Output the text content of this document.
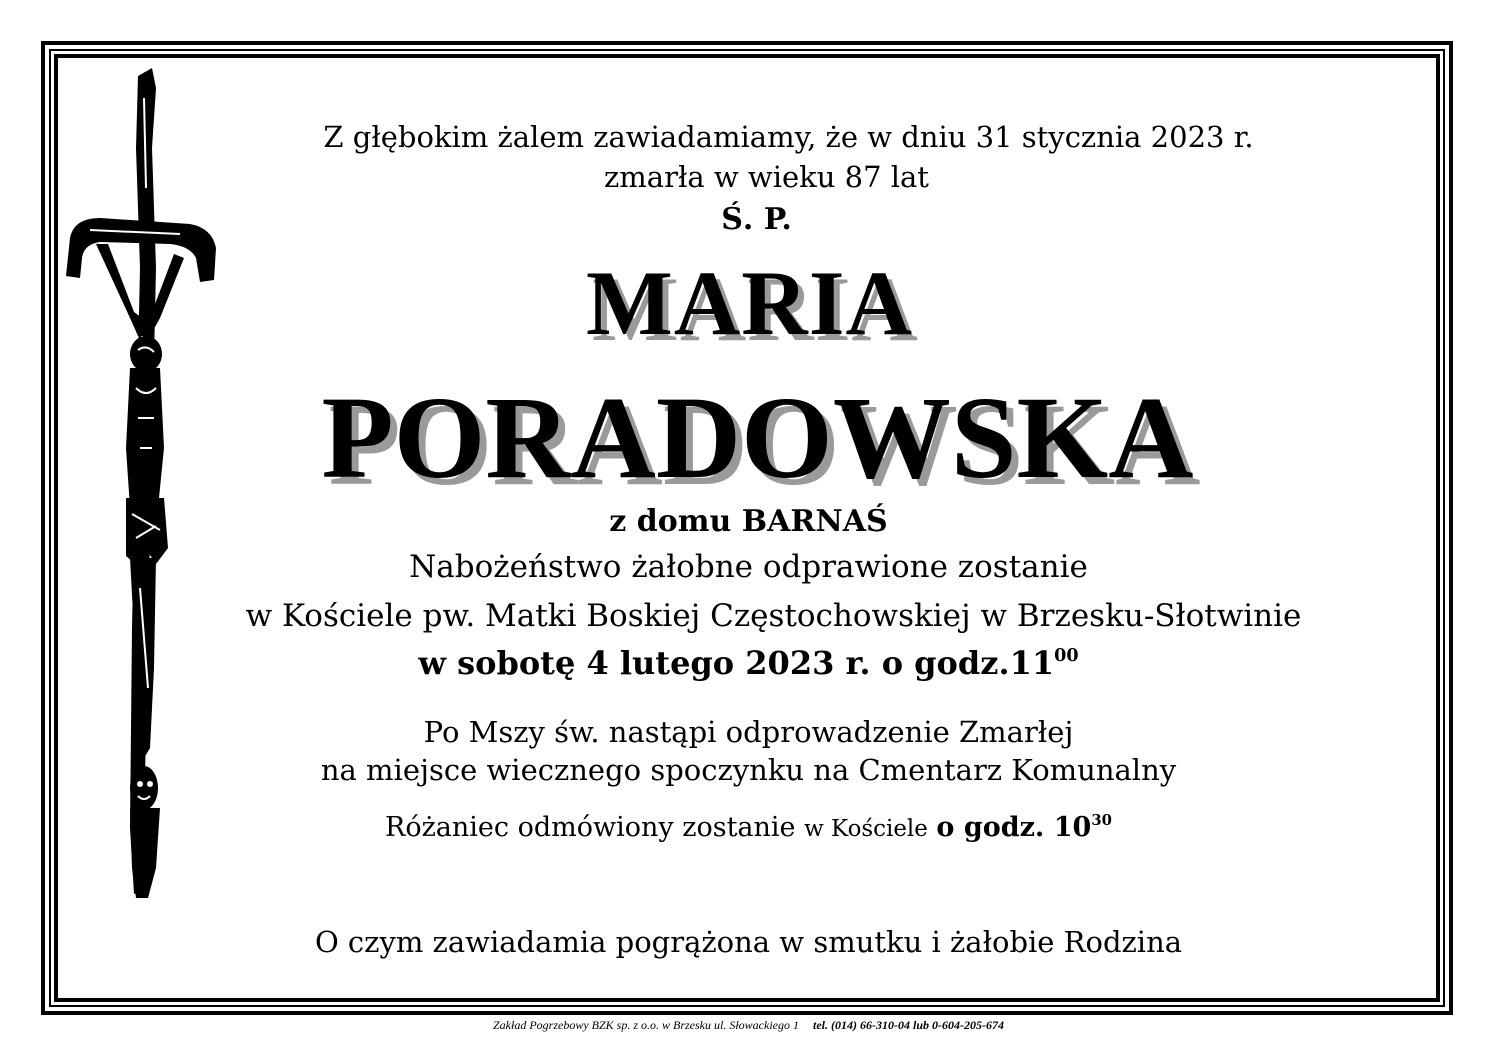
Z głębokim żalem zawiadamiamy, że w dniu 31 stycznia 2023 r.
zmarła w wieku 87 lat
Ś. P.
MARIA
PORADOWSKA
z domu BARNAŚ
Nabożeństwo żałobne odprawione zostanie
w Kościele pw. Matki Boskiej Częstochowskiej w Brzesku-Słotwinie
w sobotę 4 lutego 2023 r. o $godz.11^{00}$
Po Mszy św. nastąpi odprowadzenie Zmarłej
na miejsce wiecznego spoczynku na Cmentarz Komunalny
Różaniec odmówiony zostanie w Kościele o godz. $10^{30}$
O czym zawiadamia pogrążona w smutku i żałobie Rodzina
Zakład Pogrzebowy BZK sp. z o.o. w Brzesku ul. Słowackiego 1 tel. (014) 66-310-04 lub 0-604-205-674
